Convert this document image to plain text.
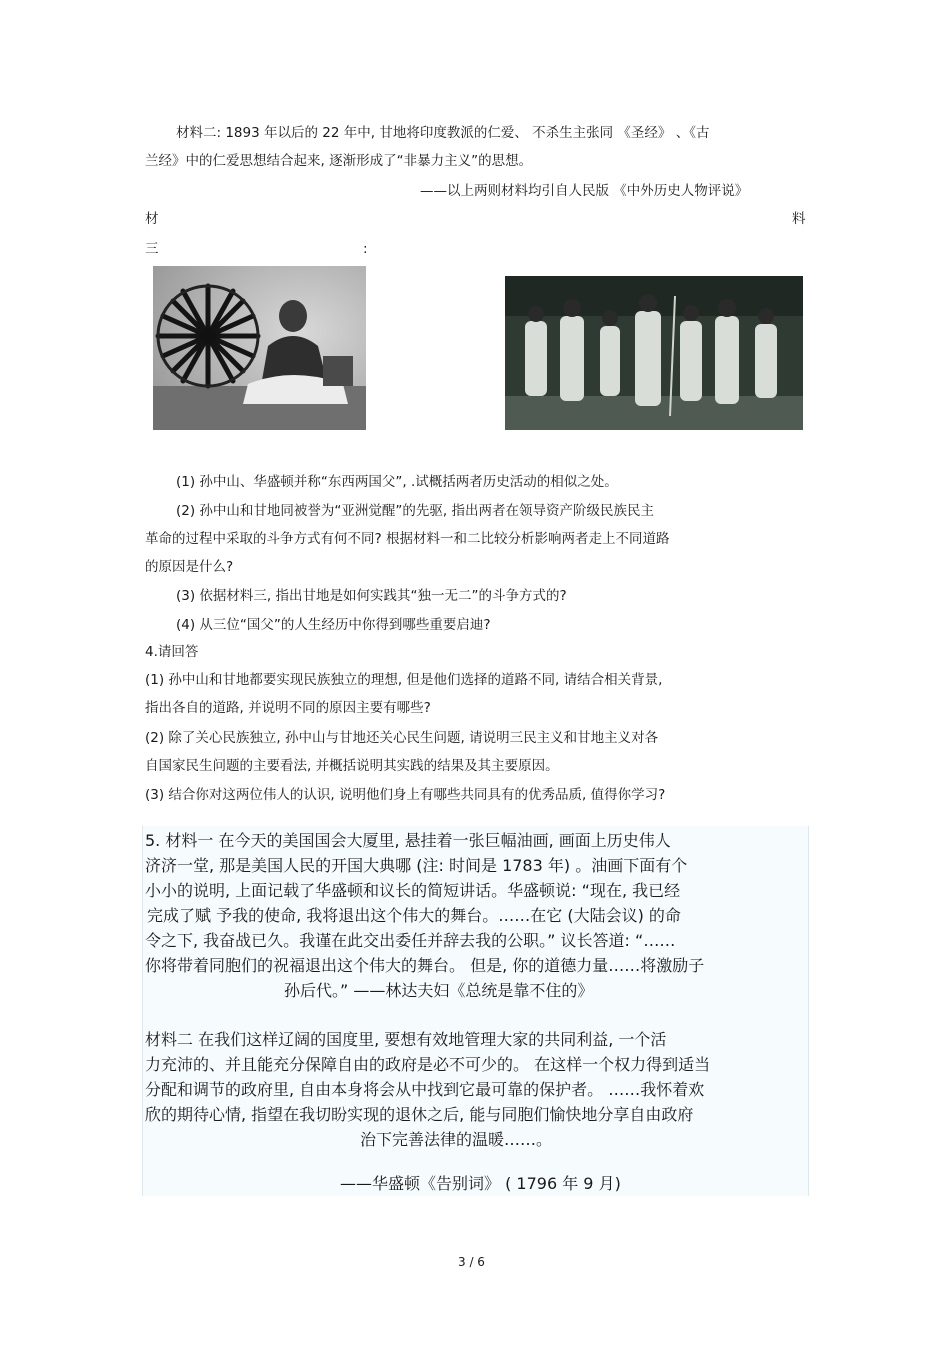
材料二: 1893 年以后的 22 年中, 甘地将印度教派的仁爱、 不杀生主张同 《圣经》 、《古
兰经》中的仁爱思想结合起来, 逐渐形成了“非暴力主义”的思想。
——以上两则材料均引自人民版 《中外历史人物评说》
材	料
三	:
(1) 孙中山、华盛顿并称“东西两国父”, .试概括两者历史活动的相似之处。
(2) 孙中山和甘地同被誉为“亚洲觉醒”的先驱, 指出两者在领导资产阶级民族民主
革命的过程中采取的斗争方式有何不同? 根据材料一和二比较分析影响两者走上不同道路
的原因是什么?
(3) 依据材料三, 指出甘地是如何实践其“独一无二”的斗争方式的?
(4) 从三位“国父”的人生经历中你得到哪些重要启迪?
4.请回答
(1) 孙中山和甘地都要实现民族独立的理想, 但是他们选择的道路不同, 请结合相关背景,
指出各自的道路, 并说明不同的原因主要有哪些?
(2) 除了关心民族独立, 孙中山与甘地还关心民生问题, 请说明三民主义和甘地主义对各
自国家民生问题的主要看法, 并概括说明其实践的结果及其主要原因。
(3) 结合你对这两位伟人的认识, 说明他们身上有哪些共同具有的优秀品质, 值得你学习?
5. 材料一 在今天的美国国会大厦里, 悬挂着一张巨幅油画, 画面上历史伟人
济济一堂, 那是美国人民的开国大典哪 (注: 时间是 1783 年) 。油画下面有个
小小的说明, 上面记载了华盛顿和议长的简短讲话。华盛顿说: “现在, 我已经
完成了赋 予我的使命, 我将退出这个伟大的舞台。……在它 (大陆会议) 的命
令之下, 我奋战已久。我谨在此交出委任并辞去我的公职。” 议长答道: “……
你将带着同胞们的祝福退出这个伟大的舞台。 但是, 你的道德力量……将激励子
孙后代。” ——林达夫妇《总统是靠不住的》
材料二 在我们这样辽阔的国度里, 要想有效地管理大家的共同利益, 一个活
力充沛的、并且能充分保障自由的政府是必不可少的。 在这样一个权力得到适当
分配和调节的政府里, 自由本身将会从中找到它最可靠的保护者。 ……我怀着欢
欣的期待心情, 指望在我切盼实现的退休之后, 能与同胞们愉快地分享自由政府
治下完善法律的温暖……。
——华盛顿《告别词》 ( 1796 年 9 月)
3 / 6
